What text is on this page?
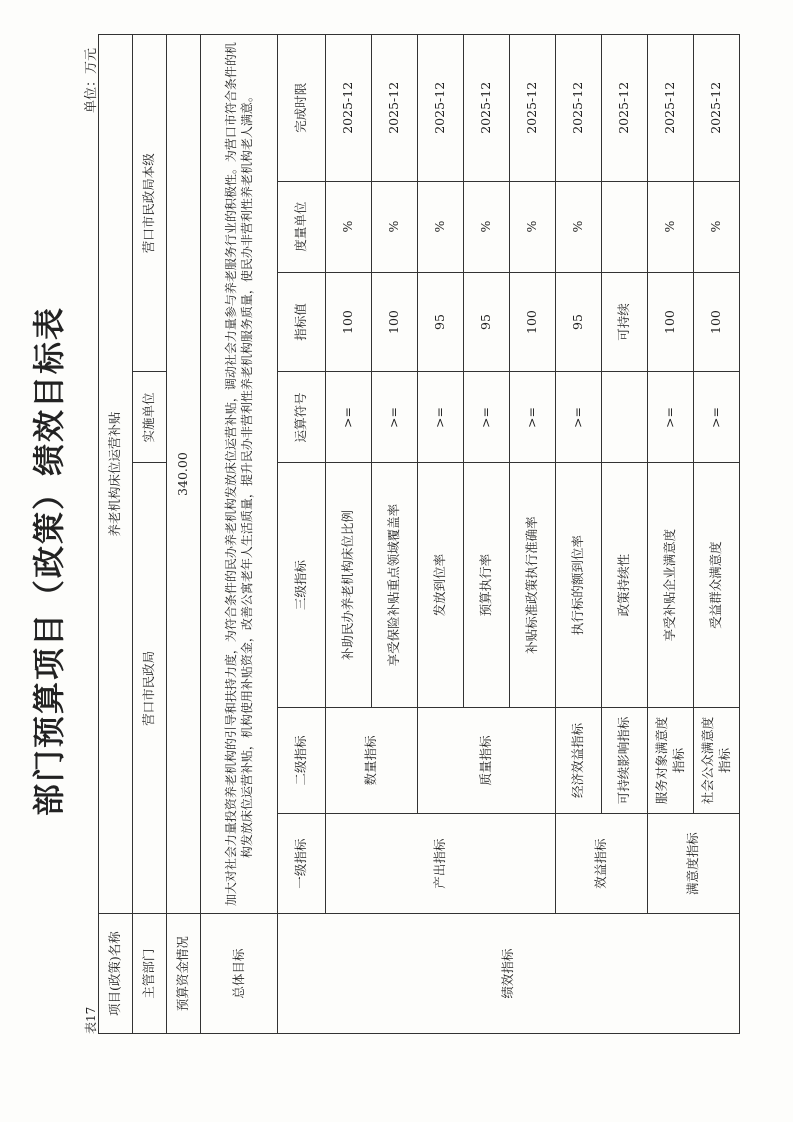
部门预算项目（政策）绩效目标表
表17
单位：万元
项目(政策)名称	养老机构床位运营补贴						
主管部门	营口市民政局			实施单位	营口市民政局本级		
预算资金情况	340.00						
总体目标	加大对社会力量投资养老机构的引导和扶持力度，为符合条件的民办养老机构发放床位运营补贴，调动社会力量参与养老服务行业的积极性。为营口市符合条件的机构发放床位运营补贴，机构使用补贴资金，改善公寓老年人生活质量，提升民办非营利性养老机构服务质量，使民办非营利性养老机构老人满意。						
绩效指标	一级指标	二级指标	三级指标	运算符号	指标值	度量单位	完成时限
	产出指标	数量指标	补助民办养老机构床位比例	>=	100	%	2025-12
			享受保险补贴重点领域覆盖率	>=	100	%	2025-12
		质量指标	发放到位率	>=	95	%	2025-12
			预算执行率	>=	95	%	2025-12
			补贴标准政策执行准确率	>=	100	%	2025-12
	效益指标	经济效益指标	执行标的额到位率	>=	95	%	2025-12
		可持续影响指标	政策持续性		可持续		2025-12
	满意度指标	服务对象满意度指标	享受补贴企业满意度	>=	100	%	2025-12
		社会公众满意度指标	受益群众满意度	>=	100	%	2025-12
